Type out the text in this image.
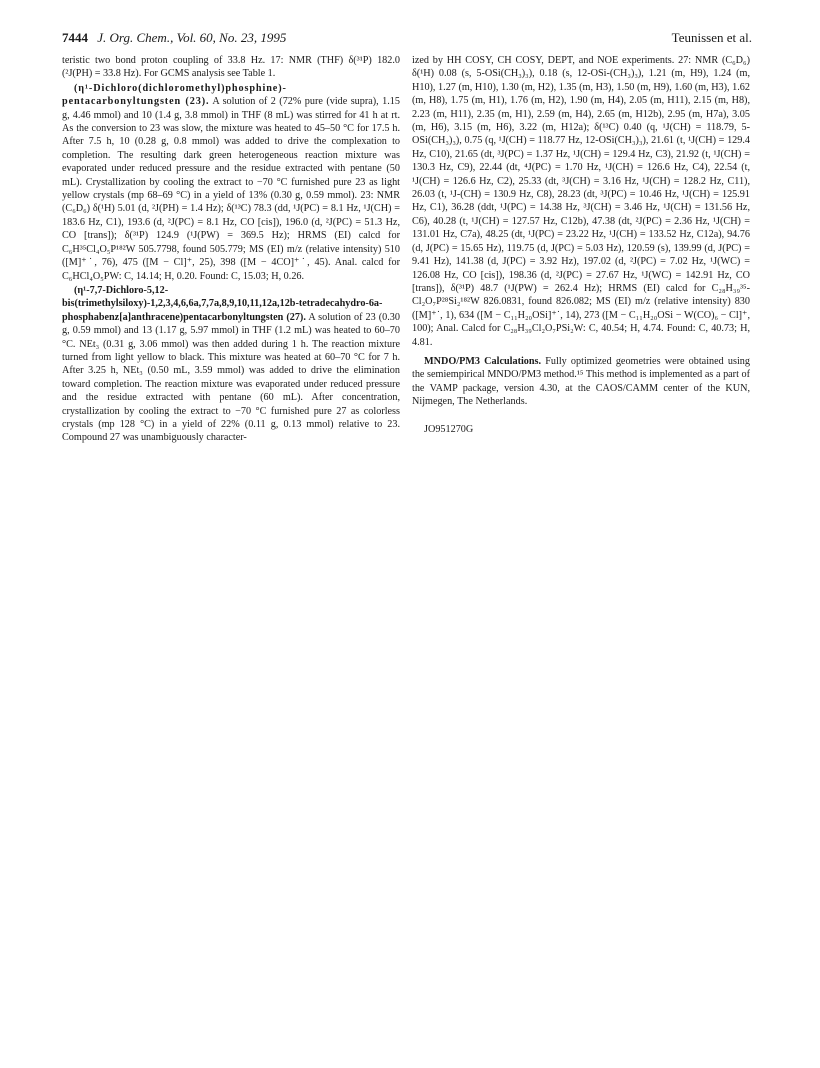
7444 J. Org. Chem., Vol. 60, No. 23, 1995	Teunissen et al.

teristic two bond proton coupling of 33.8 Hz. 17: NMR (THF) δ(³¹P) 182.0 (²J(PH) = 33.8 Hz). For GCMS analysis see Table 1.

(η¹-Dichloro(dichloromethyl)phosphine)-pentacarbonyltungsten (23). A solution of 2 (72% pure (vide supra), 1.15 g, 4.46 mmol) and 10 (1.4 g, 3.8 mmol) in THF (8 mL) was stirred for 41 h at rt. As the conversion to 23 was slow, the mixture was heated to 45–50 °C for 17.5 h. After 7.5 h, 10 (0.28 g, 0.8 mmol) was added to drive the complexation to completion. The resulting dark green heterogeneous reaction mixture was evaporated under reduced pressure and the residue extracted with pentane (50 mL). Crystallization by cooling the extract to −70 °C furnished pure 23 as light yellow crystals (mp 68–69 °C) in a yield of 13% (0.30 g, 0.59 mmol). 23: NMR (C₆D₆) δ(¹H) 5.01 (d, ²J(PH) = 1.4 Hz); δ(¹³C) 78.3 (dd, ¹J(PC) = 8.1 Hz, ¹J(CH) = 183.6 Hz, C1), 193.6 (d, ²J(PC) = 8.1 Hz, CO [cis]), 196.0 (d, ²J(PC) = 51.3 Hz, CO [trans]); δ(³¹P) 124.9 (¹J(PW) = 369.5 Hz); HRMS (EI) calcd for C₆H³⁵Cl₄O₅P¹⁸²W 505.7798, found 505.779; MS (EI) m/z (relative intensity) 510 ([M]⁺˙, 76), 475 ([M − Cl]⁺, 25), 398 ([M − 4CO]⁺˙, 45). Anal. calcd for C₆HCl₄O₅PW: C, 14.14; H, 0.20. Found: C, 15.03; H, 0.26.

(η¹-7,7-Dichloro-5,12-bis(trimethylsiloxy)-1,2,3,4,6,6a,7,7a,8,9,10,11,12a,12b-tetradecahydro-6a-phosphabenz[a]anthracene)pentacarbonyltungsten (27). A solution of 23 (0.30 g, 0.59 mmol) and 13 (1.17 g, 5.97 mmol) in THF (1.2 mL) was heated to 60–70 °C. NEt₃ (0.31 g, 3.06 mmol) was then added during 1 h. The reaction mixture turned from light yellow to black. This mixture was heated at 60–70 °C for 7 h. After 3.25 h, NEt₃ (0.50 mL, 3.59 mmol) was added to drive the elimination toward completion. The reaction mixture was evaporated under reduced pressure and the residue extracted with pentane (60 mL). After concentration, crystallization by cooling the extract to −70 °C furnished pure 27 as colorless crystals (mp 128 °C) in a yield of 22% (0.11 g, 0.13 mmol) relative to 23. Compound 27 was unambiguously character-

ized by HH COSY, CH COSY, DEPT, and NOE experiments. 27: NMR (C₆D₆) δ(¹H) 0.08 (s, 5-OSi(CH₃)₃), 0.18 (s, 12-OSi-(CH₃)₃), 1.21 (m, H9), 1.24 (m, H10), 1.27 (m, H10), 1.30 (m, H2), 1.35 (m, H3), 1.50 (m, H9), 1.60 (m, H3), 1.62 (m, H8), 1.75 (m, H1), 1.76 (m, H2), 1.90 (m, H4), 2.05 (m, H11), 2.15 (m, H8), 2.23 (m, H11), 2.35 (m, H1), 2.59 (m, H4), 2.65 (m, H12b), 2.95 (m, H7a), 3.05 (m, H6), 3.15 (m, H6), 3.22 (m, H12a); δ(¹³C) 0.40 (q, ¹J(CH) = 118.79, 5-OSi(CH₃)₃), 0.75 (q, ¹J(CH) = 118.77 Hz, 12-OSi(CH₃)₃), 21.61 (t, ¹J(CH) = 129.4 Hz, C10), 21.65 (dt, ³J(PC) = 1.37 Hz, ¹J(CH) = 129.4 Hz, C3), 21.92 (t, ¹J(CH) = 130.3 Hz, C9), 22.44 (dt, ⁴J(PC) = 1.70 Hz, ¹J(CH) = 126.6 Hz, C4), 22.54 (t, ¹J(CH) = 126.6 Hz, C2), 25.33 (dt, ³J(CH) = 3.16 Hz, ¹J(CH) = 128.2 Hz, C11), 26.03 (t, ¹J-(CH) = 130.9 Hz, C8), 28.23 (dt, ³J(PC) = 10.46 Hz, ¹J(CH) = 125.91 Hz, C1), 36.28 (ddt, ¹J(PC) = 14.38 Hz, ³J(CH) = 3.46 Hz, ¹J(CH) = 131.56 Hz, C6), 40.28 (t, ¹J(CH) = 127.57 Hz, C12b), 47.38 (dt, ²J(PC) = 2.36 Hz, ¹J(CH) = 131.01 Hz, C7a), 48.25 (dt, ¹J(PC) = 23.22 Hz, ¹J(CH) = 133.52 Hz, C12a), 94.76 (d, J(PC) = 15.65 Hz), 119.75 (d, J(PC) = 5.03 Hz), 120.59 (s), 139.99 (d, J(PC) = 9.41 Hz), 141.38 (d, J(PC) = 3.92 Hz), 197.02 (d, ²J(PC) = 7.02 Hz, ¹J(WC) = 126.08 Hz, CO [cis]), 198.36 (d, ²J(PC) = 27.67 Hz, ¹J(WC) = 142.91 Hz, CO [trans]), δ(³¹P) 48.7 (¹J(PW) = 262.4 Hz); HRMS (EI) calcd for C₂₈H₃₉³⁵-Cl₂O₇P²⁸Si₂¹⁸²W 826.0831, found 826.082; MS (EI) m/z (relative intensity) 830 ([M]⁺˙, 1), 634 ([M − C₁₁H₂₀OSi]⁺˙, 14), 273 ([M − C₁₁H₂₀OSi − W(CO)₆ − Cl]⁺, 100); Anal. Calcd for C₂₈H₃₉Cl₂O₇PSi₂W: C, 40.54; H, 4.74. Found: C, 40.73; H, 4.81.

MNDO/PM3 Calculations. Fully optimized geometries were obtained using the semiempirical MNDO/PM3 method.¹⁵ This method is implemented as a part of the VAMP package, version 4.30, at the CAOS/CAMM center of the KUN, Nijmegen, The Netherlands.

JO951270G
